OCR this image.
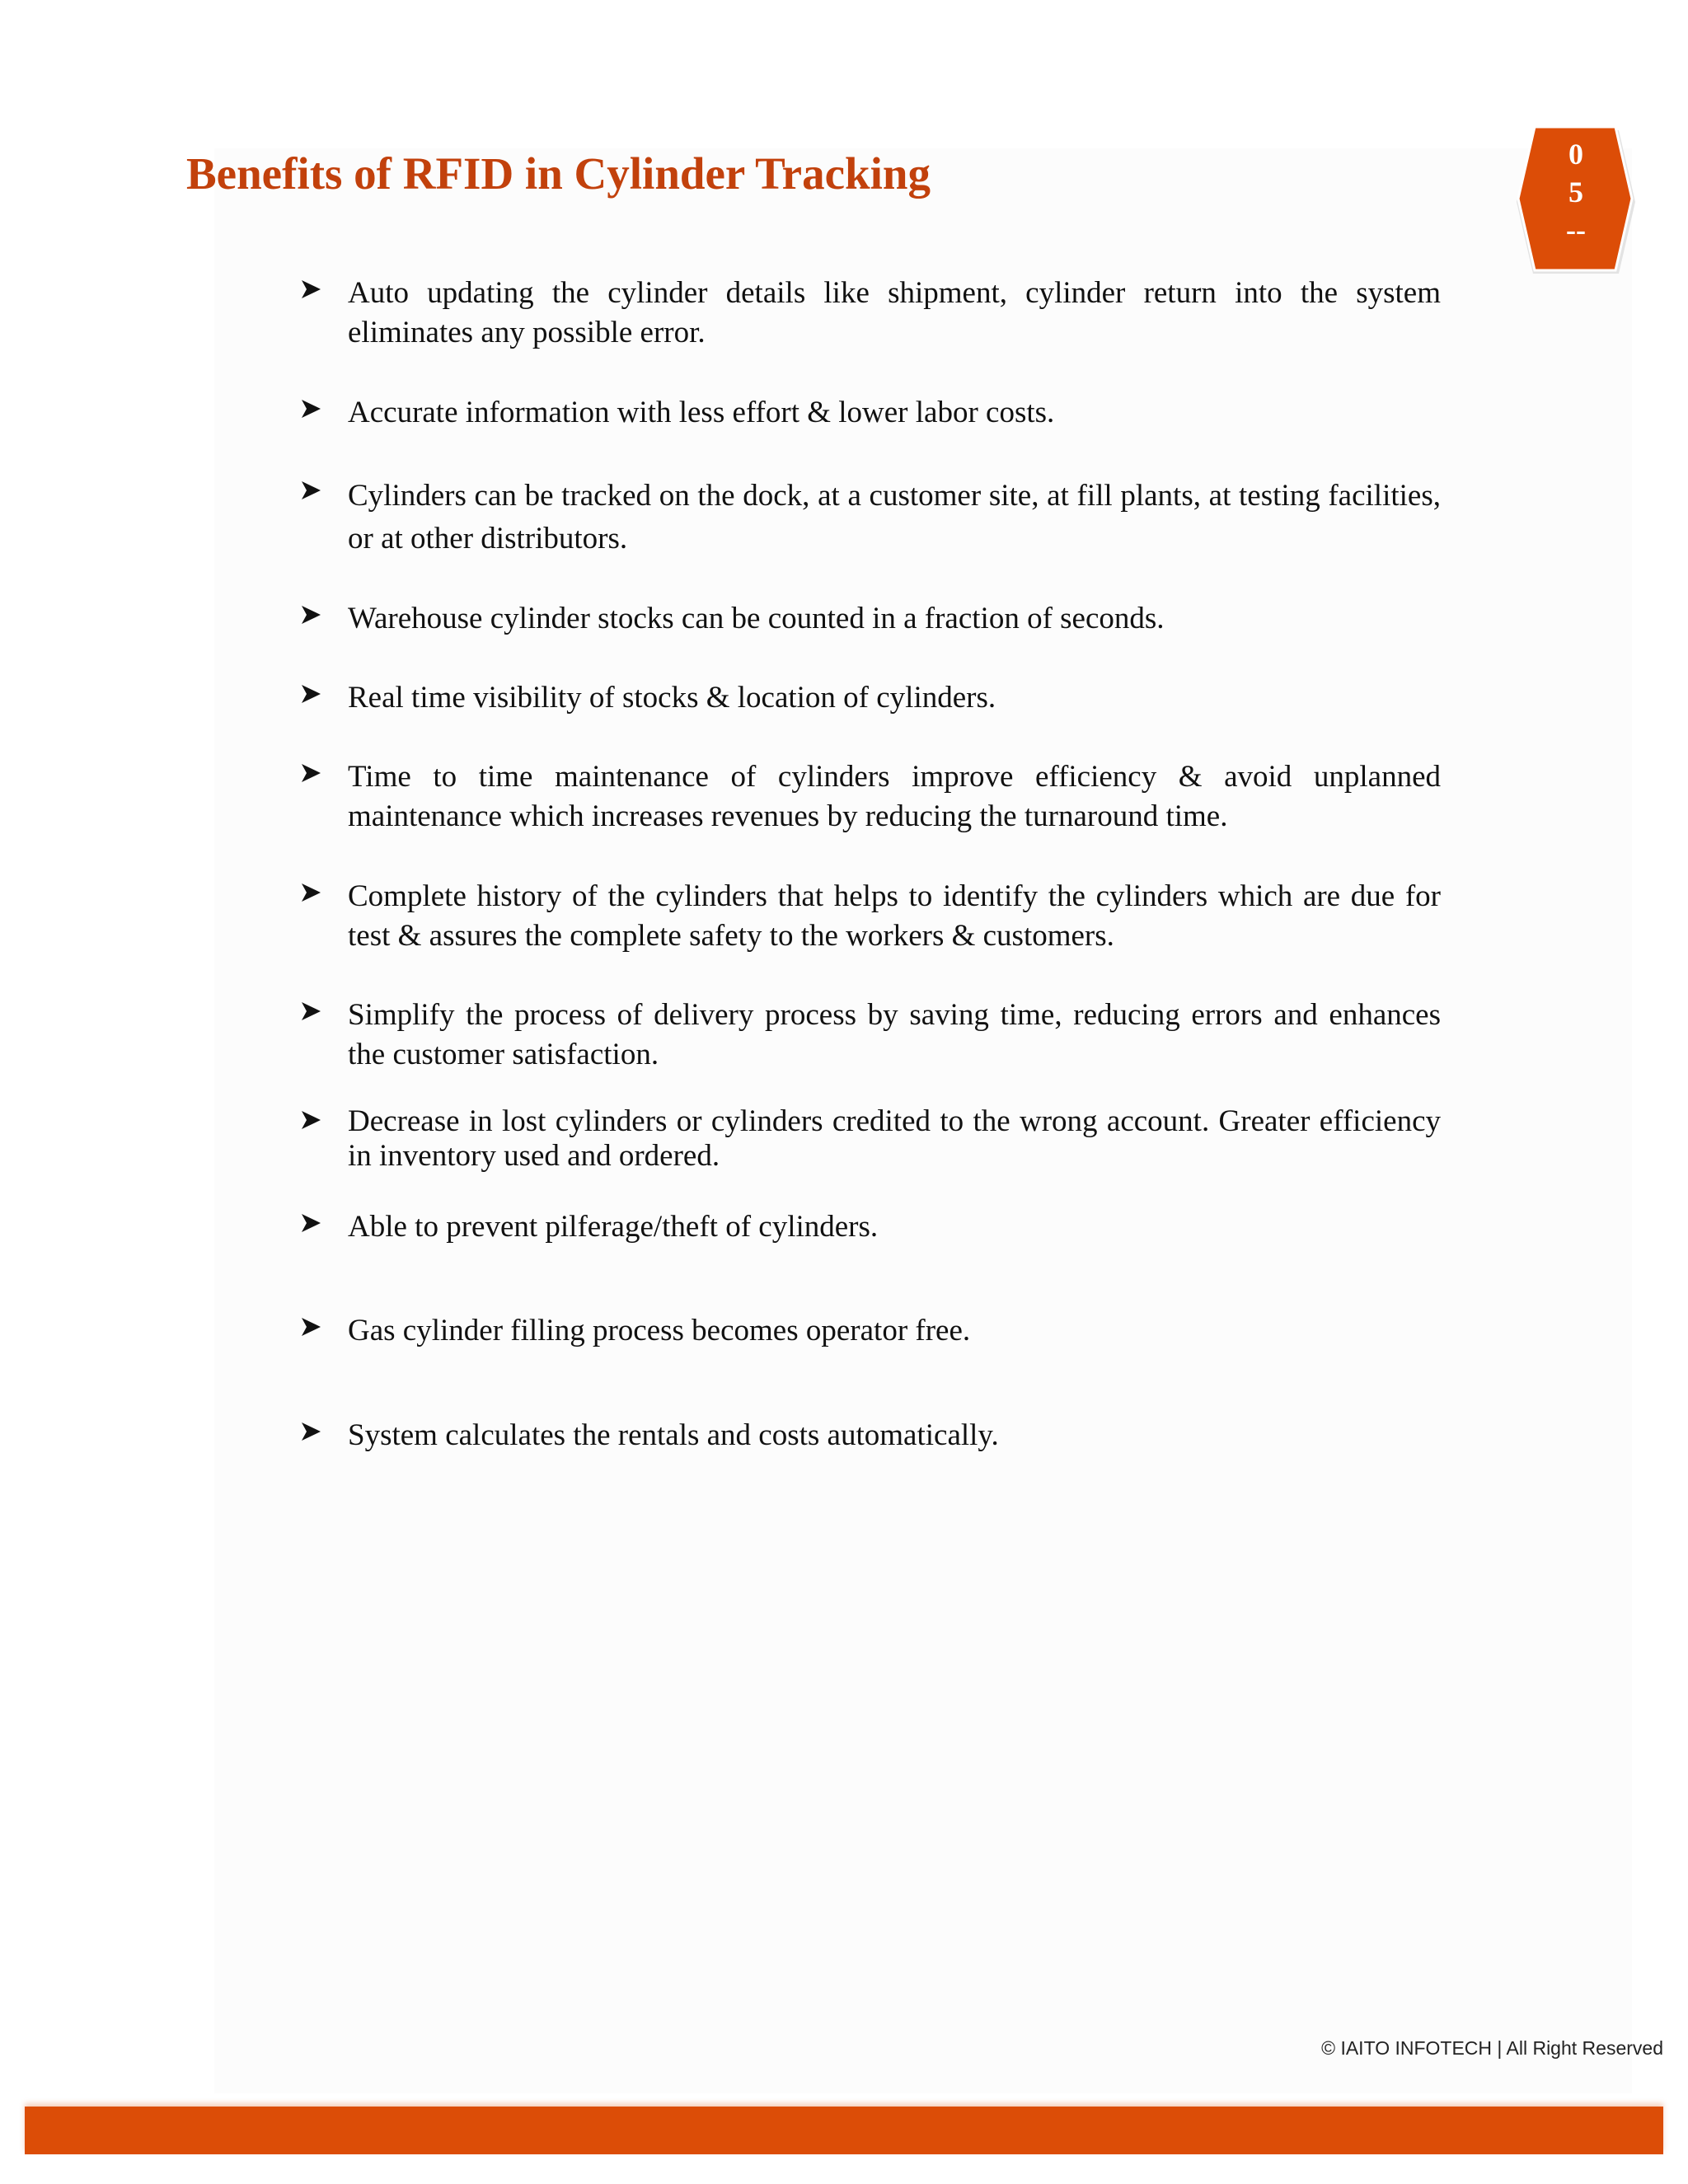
Benefits of RFID in Cylinder Tracking	0
5
--
Auto updating the cylinder details like shipment, cylinder return into the system eliminates any possible error.
Accurate information with less effort & lower labor costs.
Cylinders can be tracked on the dock, at a customer site, at fill plants, at testing facilities, or at other distributors.
Warehouse cylinder stocks can be counted in a fraction of seconds.
Real time visibility of stocks & location of cylinders.
Time to time maintenance of cylinders improve efficiency & avoid unplanned maintenance which increases revenues by reducing the turnaround time.
Complete history of the cylinders that helps to identify the cylinders which are due for test & assures the complete safety to the workers & customers.
Simplify the process of delivery process by saving time, reducing errors and enhances the customer satisfaction.
Decrease in lost cylinders or cylinders credited to the wrong account. Greater efficiency in inventory used and ordered.
Able to prevent pilferage/theft of cylinders.
Gas cylinder filling process becomes operator free.
System calculates the rentals and costs automatically.
© IAITO INFOTECH | All Right Reserved
